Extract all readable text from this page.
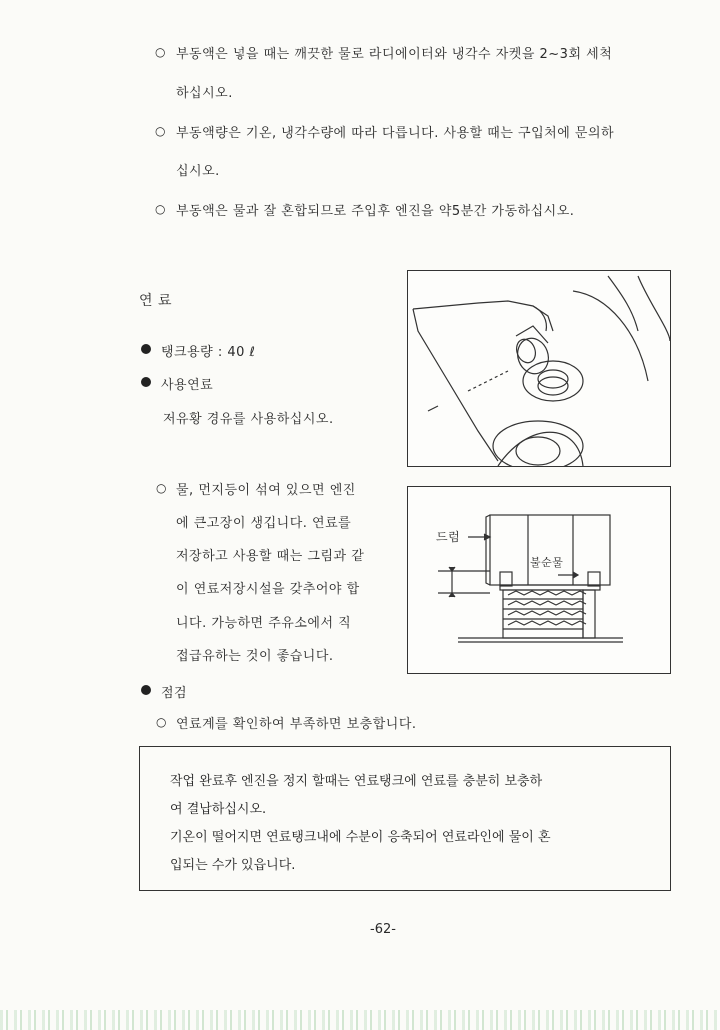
○ 부동액은 넣을 때는 깨끗한 물로 라디에이터와 냉각수 자켓을 2~3회 세척
하십시오.
○ 부동액량은 기온, 냉각수량에 따라 다릅니다. 사용할 때는 구입처에 문의하
십시오.
○ 부동액은 물과 잘 혼합되므로 주입후 엔진을 약5분간 가동하십시오.
연 료
탱크용량 : 40 ℓ
사용연료
저유황 경유를 사용하십시오.
○ 물, 먼지등이 섞여 있으면 엔진
에 큰고장이 생깁니다. 연료를
저장하고 사용할 때는 그림과 같
이 연료저장시설을 갖추어야 합
니다. 가능하면 주유소에서 직
접급유하는 것이 좋습니다.
드럼
불순물
점검
○ 연료계를 확인하여 부족하면 보충합니다.
작업 완료후 엔진을 정지 할때는 연료탱크에 연료를 충분히 보충하
여 결납하십시오.
기온이 떨어지면 연료탱크내에 수분이 응축되어 연료라인에 물이 혼
입되는 수가 있읍니다.
-62-
